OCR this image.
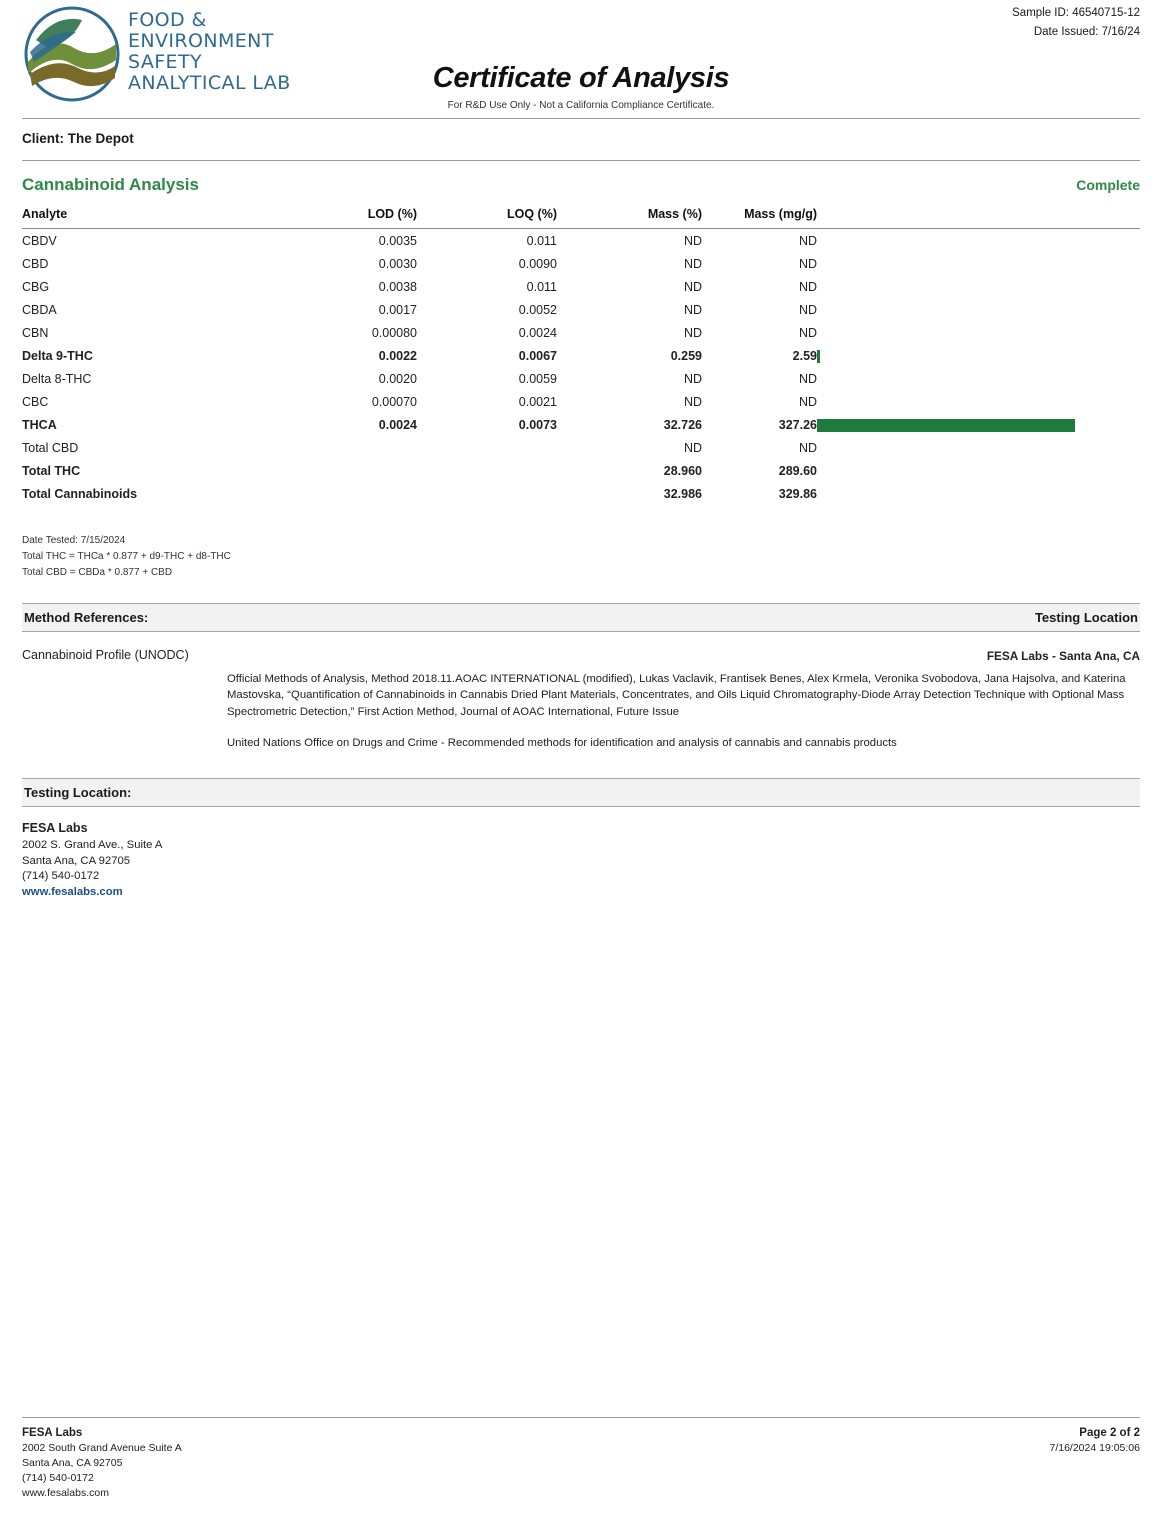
FOOD &
ENVIRONMENT
SAFETY
ANALYTICAL LAB	Certificate of Analysis
For R&D Use Only - Not a California Compliance Certificate.
Sample ID: 46540715-12
Date Issued: 7/16/24
Client: The Depot
Cannabinoid Analysis	Complete
Analyte	LOD (%)	LOQ (%)	Mass (%)	Mass (mg/g)	
CBDV	0.0035	0.011	ND	ND	
CBD	0.0030	0.0090	ND	ND	
CBG	0.0038	0.011	ND	ND	
CBDA	0.0017	0.0052	ND	ND	
CBN	0.00080	0.0024	ND	ND	
Delta 9-THC	0.0022	0.0067	0.259	2.59	
Delta 8-THC	0.0020	0.0059	ND	ND	
CBC	0.00070	0.0021	ND	ND	
THCA	0.0024	0.0073	32.726	327.26	
Total CBD			ND	ND	
Total THC			28.960	289.60	
Total Cannabinoids			32.986	329.86	
Date Tested: 7/15/2024
Total THC = THCa * 0.877 + d9-THC + d8-THC
Total CBD = CBDa * 0.877 + CBD
Method References:	Testing Location
Cannabinoid Profile (UNODC)	FESA Labs - Santa Ana, CA
Official Methods of Analysis, Method 2018.11.AOAC INTERNATIONAL (modified), Lukas Vaclavik, Frantisek Benes, Alex Krmela, Veronika Svobodova, Jana Hajsolva, and Katerina Mastovska, “Quantification of Cannabinoids in Cannabis Dried Plant Materials, Concentrates, and Oils Liquid Chromatography-Diode Array Detection Technique with Optional Mass Spectrometric Detection,” First Action Method, Journal of AOAC International, Future Issue
United Nations Office on Drugs and Crime - Recommended methods for identification and analysis of cannabis and cannabis products
Testing Location:
FESA Labs
2002 S. Grand Ave., Suite A
Santa Ana, CA 92705
(714) 540-0172
www.fesalabs.com
FESA Labs
2002 South Grand Avenue Suite A
Santa Ana, CA 92705
(714) 540-0172
www.fesalabs.com
Page 2 of 2
7/16/2024 19:05:06
